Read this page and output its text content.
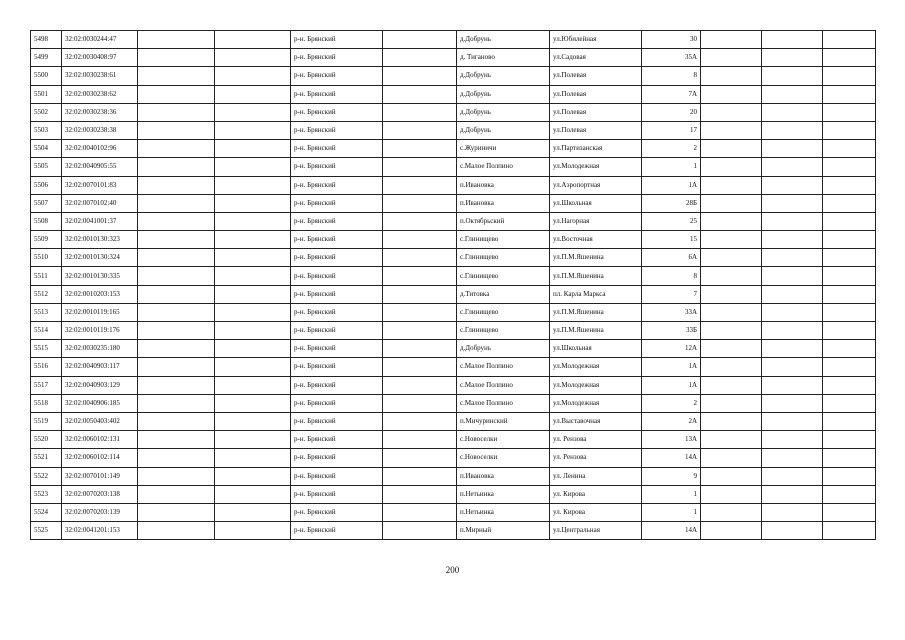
5498	32:02:0030244:47			р-н. Брянский		д.Добрунь	ул.Юбилейная	30			
5499	32:02:0030408:97			р-н. Брянский		д. Тиганово	ул.Садовая	35А			
5500	32:02:0030238:61			р-н. Брянский		д.Добрунь	ул.Полевая	8			
5501	32:02:0030238:62			р-н. Брянский		д.Добрунь	ул.Полевая	7А			
5502	32:02:0030238:36			р-н. Брянский		д.Добрунь	ул.Полевая	20			
5503	32:02:0030238:38			р-н. Брянский		д.Добрунь	ул.Полевая	17			
5504	32:02:0040102:96			р-н. Брянский		с.Журиничи	ул.Партизанская	2			
5505	32:02:0040905:55			р-н. Брянский		с.Малое Полпино	ул.Молодежная	1			
5506	32:02:0070101:83			р-н. Брянский		п.Ивановка	ул.Аэропортная	1А			
5507	32:02:0070102:40			р-н. Брянский		п.Ивановка	ул.Школьная	28Б			
5508	32:02:0041001:37			р-н. Брянский		п.Октябрьский	ул.Нагорная	25			
5509	32:02:0010130:323			р-н. Брянский		с.Глинищево	ул.Восточная	15			
5510	32:02:0010130:324			р-н. Брянский		с.Глинищево	ул.П.М.Яшенина	6А			
5511	32:02:0010130:335			р-н. Брянский		с.Глинищево	ул.П.М.Яшенина	8			
5512	32:02:0010203:153			р-н. Брянский		д.Титовка	пл. Карла Маркса	7			
5513	32:02:0010119:165			р-н. Брянский		с.Глинищево	ул.П.М.Яшенина	33А			
5514	32:02:0010119:176			р-н. Брянский		с.Глинищево	ул.П.М.Яшенина	33Б			
5515	32:02:0030235:180			р-н. Брянский		д.Добрунь	ул.Школьная	12А			
5516	32:02:0040903:117			р-н. Брянский		с.Малое Полпино	ул.Молодежная	1А			
5517	32:02:0040903:129			р-н. Брянский		с.Малое Полпино	ул.Молодежная	1А			
5518	32:02:0040906:185			р-н. Брянский		с.Малое Полпино	ул.Молодежная	2			
5519	32:02:0050403:402			р-н. Брянский		п.Мичуринский	ул.Выставочная	2А			
5520	32:02:0060102:131			р-н. Брянский		с.Новоселки	ул. Рензова	13А			
5521	32:02:0060102:114			р-н. Брянский		с.Новоселки	ул. Рензова	14А			
5522	32:02:0070101:149			р-н. Брянский		п.Ивановка	ул. Ленина	9			
5523	32:02:0070203:138			р-н. Брянский		п.Нетьинка	ул. Кирова	1			
5524	32:02:0070203:139			р-н. Брянский		п.Нетьинка	ул. Кирова	1			
5525	32:02:0041201:153			р-н. Брянский		п.Мирный	ул.Центральная	14А			
200
